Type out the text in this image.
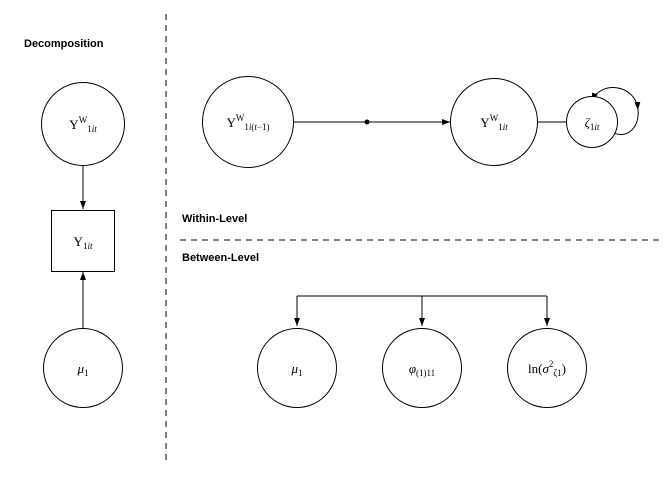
Decomposition
Within-Level
Between-Level
$Y^W_{1it}$
$Y_{1it}$
$\mu_1$
$Y^W_{1i(t-1)}$	$Y^W_{1it}$	$\zeta_{1it}$
$\mu_1$	$\varphi_{(1)11}$	$\ln(\sigma^2_{\zeta 1})$
